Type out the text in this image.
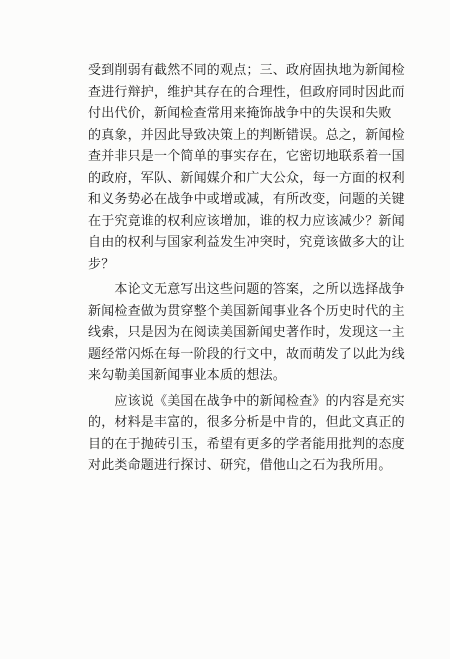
受到削弱有截然不同的观点；三、政府固执地为新闻检
查进行辩护，维护其存在的合理性，但政府同时因此而
付出代价，新闻检查常用来掩饰战争中的失误和失败
的真象，并因此导致决策上的判断错误。总之，新闻检
查并非只是一个简单的事实存在，它密切地联系着一国
的政府，军队、新闻媒介和广大公众，每一方面的权利
和义务势必在战争中或增或减，有所改变，问题的关键
在于究竟谁的权利应该增加，谁的权力应该减少？新闻
自由的权利与国家利益发生冲突时，究竟该做多大的让
步？
　　本论文无意写出这些问题的答案，之所以选择战争
新闻检查做为贯穿整个美国新闻事业各个历史时代的主
线索，只是因为在阅读美国新闻史著作时，发现这一主
题经常闪烁在每一阶段的行文中，故而萌发了以此为线
来勾勒美国新闻事业本质的想法。
　　应该说《美国在战争中的新闻检查》的内容是充实
的，材料是丰富的，很多分析是中肯的，但此文真正的
目的在于抛砖引玉，希望有更多的学者能用批判的态度
对此类命题进行探讨、研究，借他山之石为我所用。
